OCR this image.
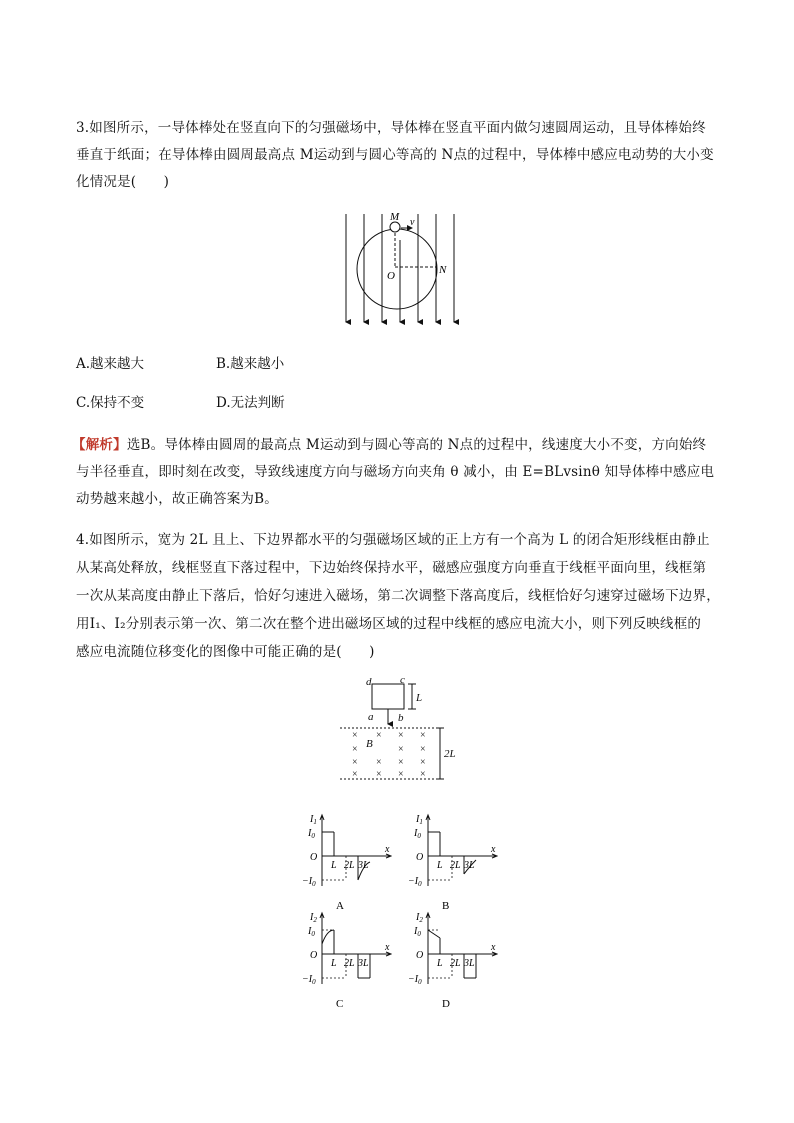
3.如图所示，一导体棒处在竖直向下的匀强磁场中，导体棒在竖直平面内做匀速圆周运动，且导体棒始终
垂直于纸面；在导体棒由圆周最高点 M运动到与圆心等高的 N点的过程中，导体棒中感应电动势的大小变
化情况是(　　)
M v
O	N
A.越来越大	B.越来越小
C.保持不变	D.无法判断
【解析】选B。导体棒由圆周的最高点 M运动到与圆心等高的 N点的过程中，线速度大小不变，方向始终
与半径垂直，即时刻在改变，导致线速度方向与磁场方向夹角 θ 减小，由 E=BLvsinθ 知导体棒中感应电
动势越来越小，故正确答案为B。
4.如图所示，宽为 2L 且上、下边界都水平的匀强磁场区域的正上方有一个高为 L 的闭合矩形线框由静止
从某高处释放，线框竖直下落过程中，下边始终保持水平，磁感应强度方向垂直于线框平面向里，线框第
一次从某高度由静止下落后，恰好匀速进入磁场，第二次调整下落高度后，线框恰好匀速穿过磁场下边界，
用I₁、I₂分别表示第一次、第二次在整个进出磁场区域的过程中线框的感应电流大小，则下列反映线框的
感应电流随位移变化的图像中可能正确的是(　　)
× × × ×
×	× ×
× × × ×
× × × ×
d	c
a b
L
B
2L
$I_1$
$I_0$
$-I_0$
O
L 2L 3L
x
A
$I_1$
$I_0$
$-I_0$
O
L 2L 3L
x
B
$I_2$
$I_0$
$-I_0$
O
L 2L 3L
x
C
$I_2$
$I_0$
$-I_0$
O
L 2L 3L
x
D
